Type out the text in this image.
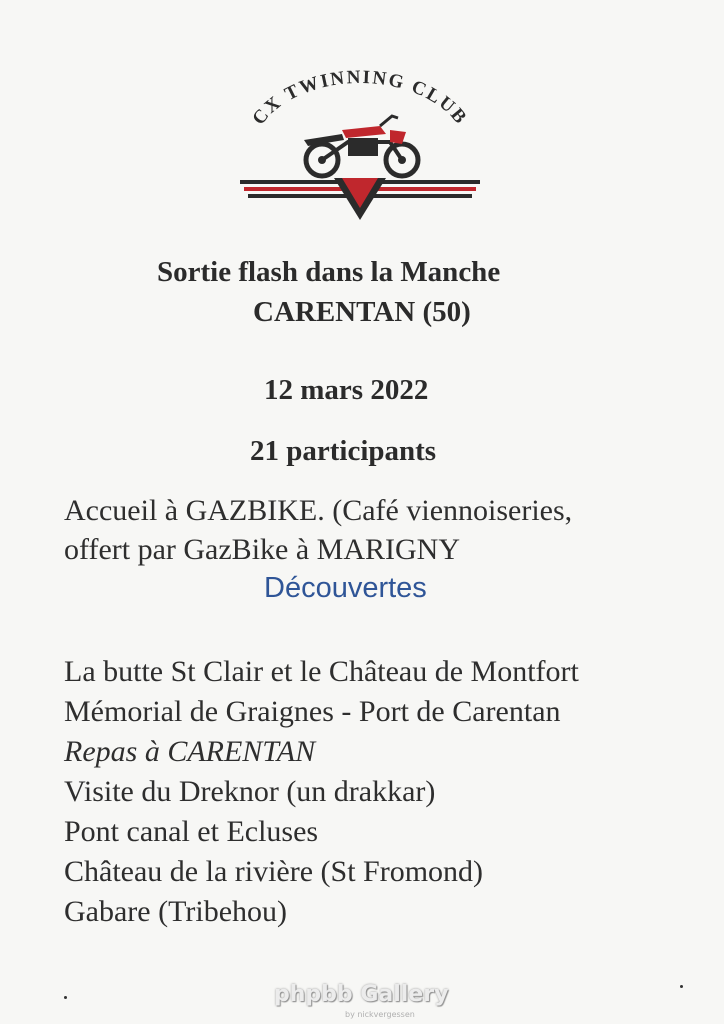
CX TWINNING CLUB
Sortie flash dans la Manche
CARENTAN (50)
12 mars 2022
21 participants
Accueil à GAZBIKE. (Café viennoiseries,
offert par GazBike à MARIGNY
Découvertes
La butte St Clair et le Château de Montfort
Mémorial de Graignes - Port de Carentan
Repas à CARENTAN
Visite du Dreknor (un drakkar)
Pont canal et Ecluses
Château de la rivière (St Fromond)
Gabare (Tribehou)
phpbb Gallery
by nickvergessen
